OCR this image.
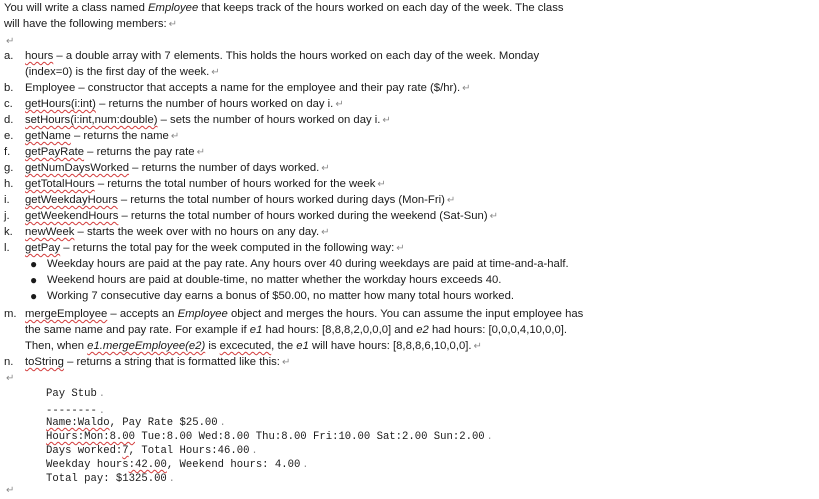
You will write a class named Employee that keeps track of the hours worked on each day of the week. The class
will have the following members: ↵
↵
a.	hours – a double array with 7 elements. This holds the hours worked on each day of the week. Monday
(index=0) is the first day of the week. ↵
b.	Employee – constructor that accepts a name for the employee and their pay rate ($/hr). ↵
c.	getHours(i:int) – returns the number of hours worked on day i. ↵
d.	setHours(i:int,num:double) – sets the number of hours worked on day i. ↵
e.	getName – returns the name ↵
f.	getPayRate – returns the pay rate ↵
g.	getNumDaysWorked – returns the number of days worked. ↵
h.	getTotalHours – returns the total number of hours worked for the week ↵
i.	getWeekdayHours – returns the total number of hours worked during days (Mon-Fri) ↵
j.	getWeekendHours – returns the total number of hours worked during the weekend (Sat-Sun) ↵
k.	newWeek – starts the week over with no hours on any day. ↵
l.	getPay – returns the total pay for the week computed in the following way: ↵
● Weekday hours are paid at the pay rate. Any hours over 40 during weekdays are paid at time-and-a-half.
● Weekend hours are paid at double-time, no matter whether the workday hours exceeds 40.
● Working 7 consecutive day earns a bonus of $50.00, no matter how many total hours worked.
m. mergeEmployee – accepts an Employee object and merges the hours. You can assume the input employee has
the same name and pay rate. For example if e1 had hours: [8,8,8,2,0,0,0] and e2 had hours: [0,0,0,4,10,0,0].
Then, when e1.mergeEmployee(e2) is excecuted, the e1 will have hours: [8,8,8,6,10,0,0]. ↵
n.	toString – returns a string that is formatted like this: ↵
↵
Pay Stub .
-------- .
Name:Waldo, Pay Rate $25.00 .
Hours:Mon:8.00 Tue:8.00 Wed:8.00 Thu:8.00 Fri:10.00 Sat:2.00 Sun:2.00 .
Days worked:7, Total Hours:46.00 .
Weekday hours:42.00, Weekend hours: 4.00 .
Total pay: $1325.00 .
↵
